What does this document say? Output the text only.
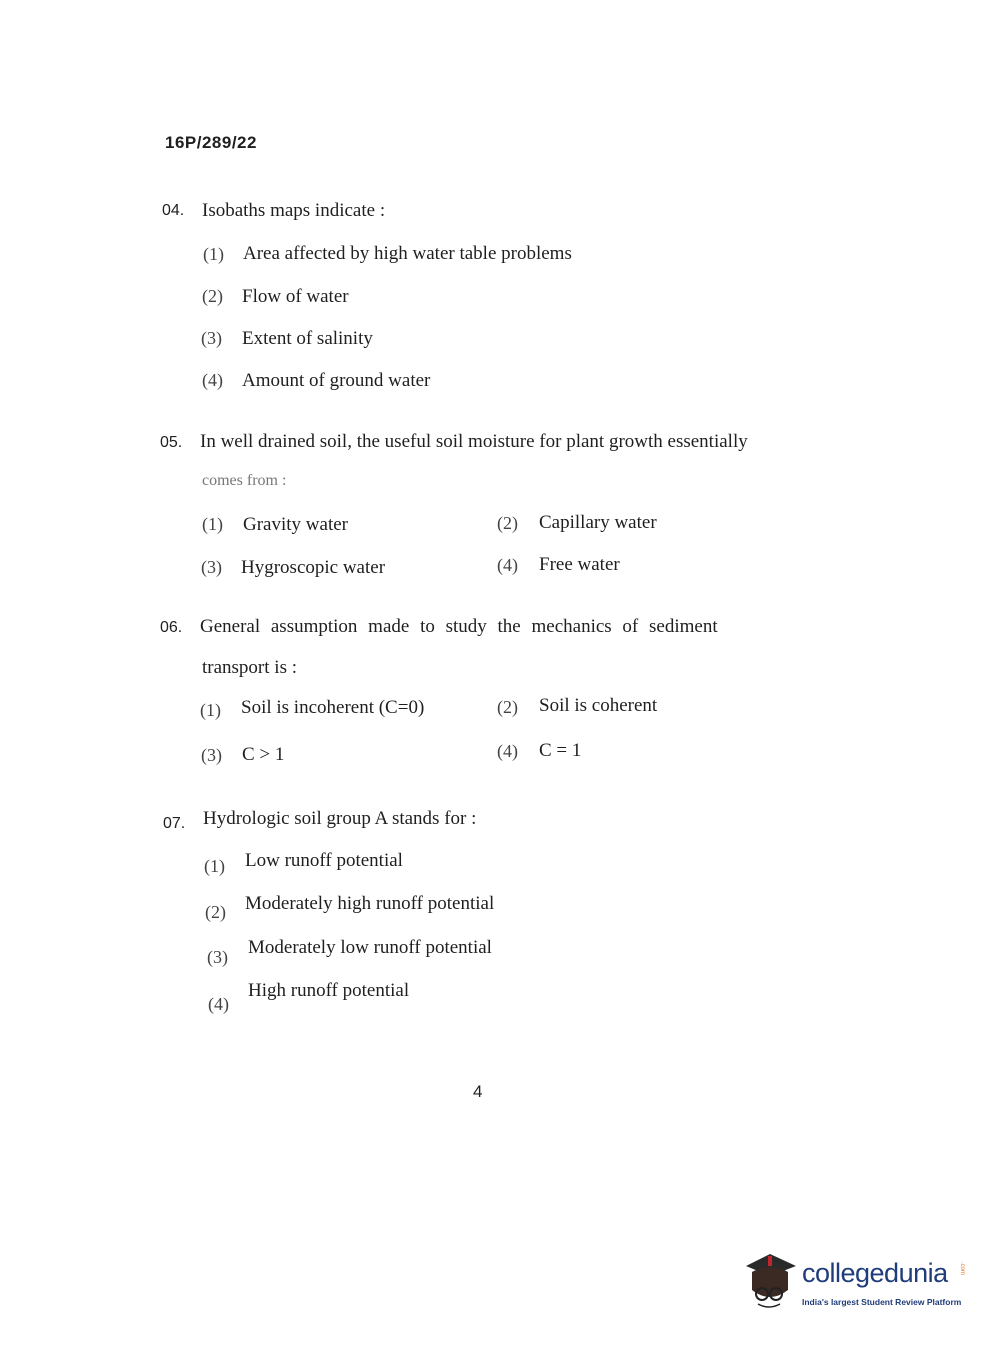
16P/289/22
04. Isobaths maps indicate :
(1) Area affected by high water table problems
(2) Flow of water
(3) Extent of salinity
(4) Amount of ground water
05. In well drained soil, the useful soil moisture for plant growth essentially
comes from :
(1) Gravity water	(2) Capillary water
(3) Hygroscopic water	(4) Free water
06. General assumption made to study the mechanics of sediment
transport is :
(1) Soil is incoherent (C=0)	(2) Soil is coherent
(3) C > 1	(4) C = 1
07. Hydrologic soil group A stands for :
(1) Low runoff potential
(2) Moderately high runoff potential
(3) Moderately low runoff potential
(4)
High runoff potential
4
collegedunia .com
India's largest Student Review Platform
